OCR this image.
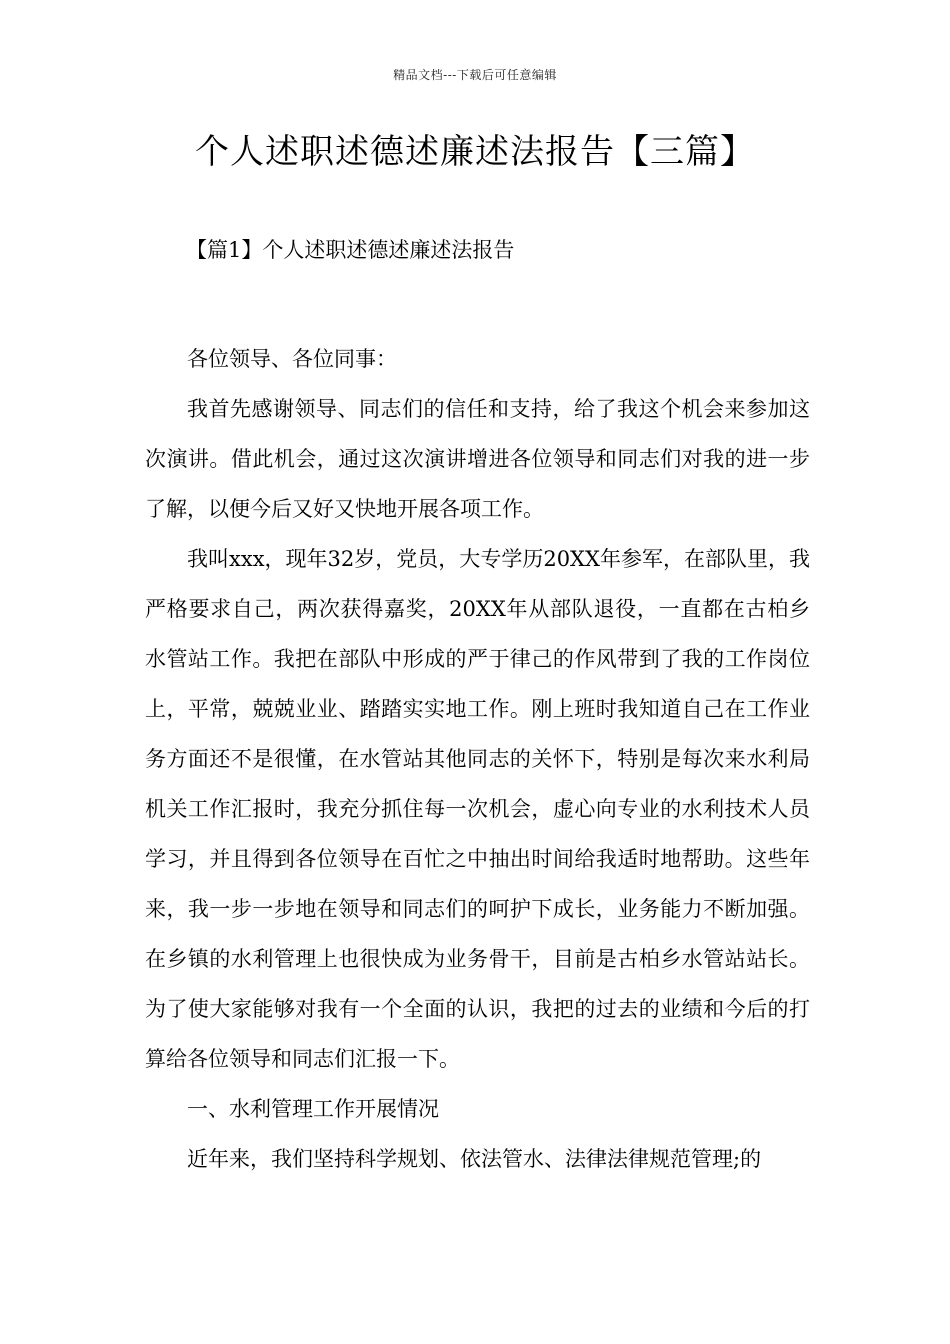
精品文档---下载后可任意编辑
个人述职述德述廉述法报告【三篇】
【篇1】个人述职述德述廉述法报告

各位领导、各位同事：

我首先感谢领导、同志们的信任和支持，给了我这个机会来参加这次演讲。借此机会，通过这次演讲增进各位领导和同志们对我的进一步了解，以便今后又好又快地开展各项工作。

我叫xxx，现年32岁，党员，大专学历20XX年参军，在部队里，我严格要求自己，两次获得嘉奖，20XX年从部队退役，一直都在古柏乡水管站工作。我把在部队中形成的严于律己的作风带到了我的工作岗位上，平常，兢兢业业、踏踏实实地工作。刚上班时我知道自己在工作业务方面还不是很懂，在水管站其他同志的关怀下，特别是每次来水利局机关工作汇报时，我充分抓住每一次机会，虚心向专业的水利技术人员学习，并且得到各位领导在百忙之中抽出时间给我适时地帮助。这些年来，我一步一步地在领导和同志们的呵护下成长，业务能力不断加强。在乡镇的水利管理上也很快成为业务骨干，目前是古柏乡水管站站长。为了使大家能够对我有一个全面的认识，我把的过去的业绩和今后的打算给各位领导和同志们汇报一下。

一、水利管理工作开展情况

近年来，我们坚持科学规划、依法管水、法律法律规范管理;的
